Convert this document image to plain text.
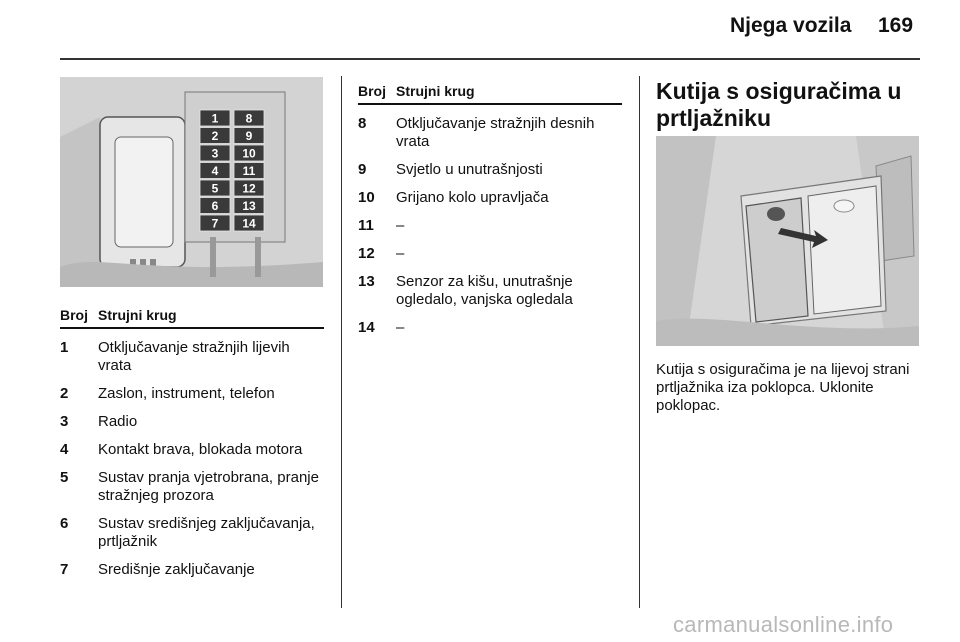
Njega vozila 169
1
2
3
4
5
6
7
8
9
10
11
12
13
14
Broj Strujni krug
1	Otključavanje stražnjih lijevih vrata
2	Zaslon, instrument, telefon
3	Radio
4	Kontakt brava, blokada motora
5	Sustav pranja vjetrobrana, pranje stražnjeg prozora
6	Sustav središnjeg zaključavanja, prtljažnik
7	Središnje zaključavanje
Broj Strujni krug
8	Otključavanje stražnjih desnih vrata
9	Svjetlo u unutrašnjosti
10	Grijano kolo upravljača
11	–
12	–
13	Senzor za kišu, unutrašnje ogledalo, vanjska ogledala
14	–
Kutija s osiguračima u prtljažniku
Kutija s osiguračima je na lijevoj strani prtljažnika iza poklopca. Uklonite poklopac.
carmanualsonline.info
